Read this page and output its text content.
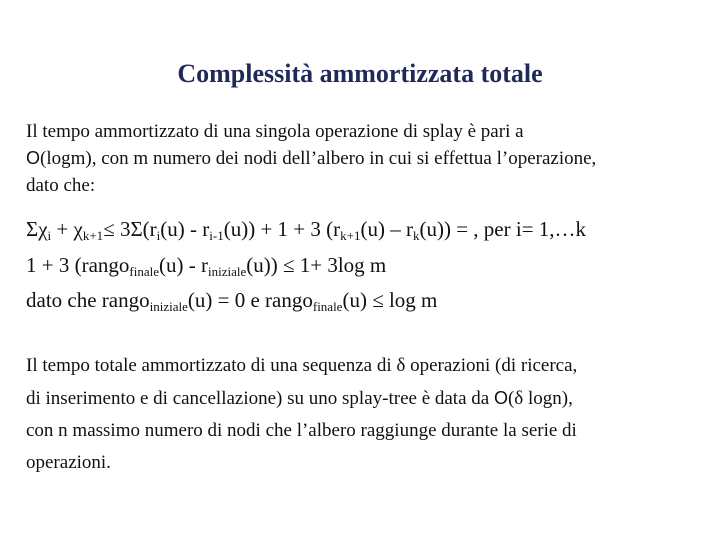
Complessità ammortizzata totale
Il tempo ammortizzato di una singola operazione di splay è pari a
O(logm), con m numero dei nodi dell’albero in cui si effettua l’operazione,
dato che:
$\Sigma\chi_i + \chi_{k+1}\le 3\Sigma(r_i(u) - r_{i-1}(u)) + 1 + 3$ $(r_{k+1}(u) - r_k(u))$ = , per i= 1,…k
1 + 3 (rango$_{finale}$(u) - $r_{iniziale}(u)) \le 1+ 3\log$ m
dato che rango$_{iniziale}$(u) = 0 e rango$_{finale}$(u) ≤ log m
Il tempo totale ammortizzato di una sequenza di δ operazioni (di ricerca,
di inserimento e di cancellazione) su uno splay-tree è data da O(δ logn),
con n massimo numero di nodi che l’albero raggiunge durante la serie di
operazioni.
